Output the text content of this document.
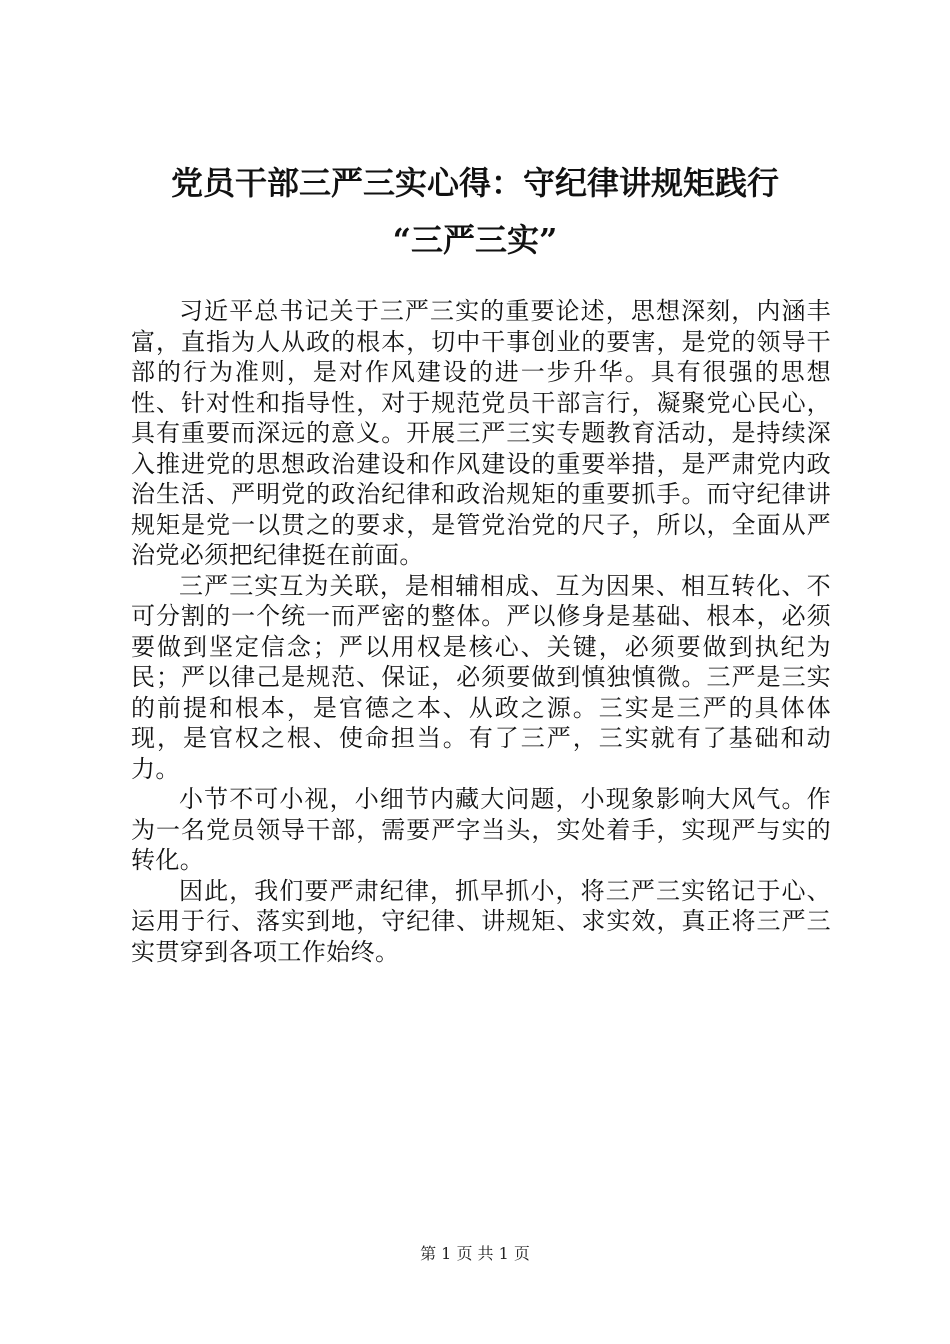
党员干部三严三实心得：守纪律讲规矩践行
“三严三实”

习近平总书记关于三严三实的重要论述，思想深刻，内涵丰富，直指为人从政的根本，切中干事创业的要害，是党的领导干部的行为准则，是对作风建设的进一步升华。具有很强的思想性、针对性和指导性，对于规范党员干部言行，凝聚党心民心，具有重要而深远的意义。开展三严三实专题教育活动，是持续深入推进党的思想政治建设和作风建设的重要举措，是严肃党内政治生活、严明党的政治纪律和政治规矩的重要抓手。而守纪律讲规矩是党一以贯之的要求，是管党治党的尺子，所以，全面从严治党必须把纪律挺在前面。

三严三实互为关联，是相辅相成、互为因果、相互转化、不可分割的一个统一而严密的整体。严以修身是基础、根本，必须要做到坚定信念；严以用权是核心、关键，必须要做到执纪为民；严以律己是规范、保证，必须要做到慎独慎微。三严是三实的前提和根本，是官德之本、从政之源。三实是三严的具体体现，是官权之根、使命担当。有了三严，三实就有了基础和动力。

小节不可小视，小细节内藏大问题，小现象影响大风气。作为一名党员领导干部，需要严字当头，实处着手，实现严与实的转化。

因此，我们要严肃纪律，抓早抓小，将三严三实铭记于心、运用于行、落实到地，守纪律、讲规矩、求实效，真正将三严三实贯穿到各项工作始终。

第 1 页 共 1 页
